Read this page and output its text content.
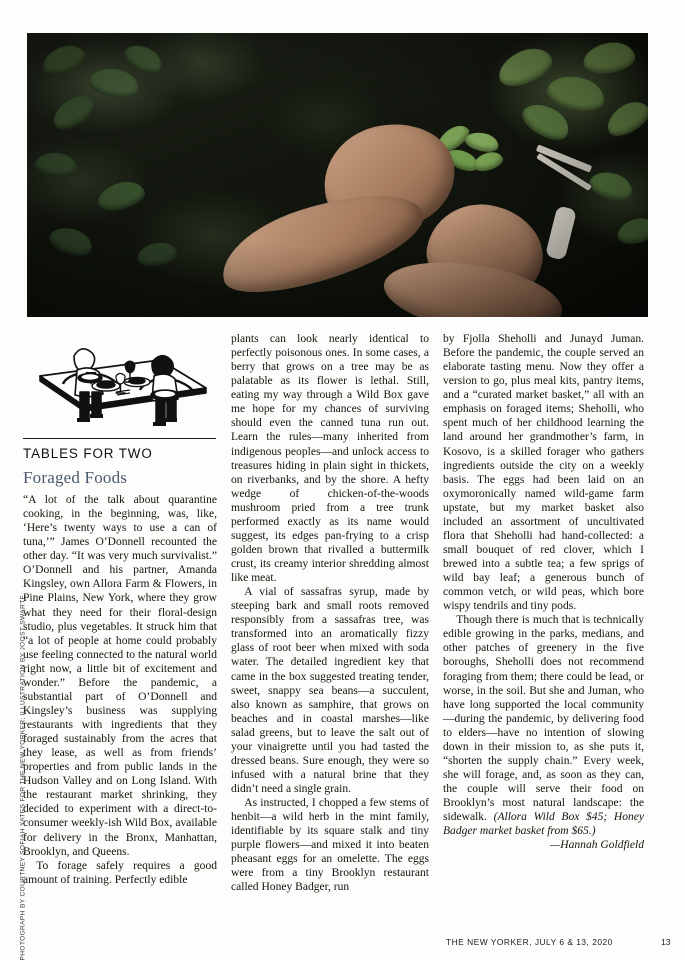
PHOTOGRAPH BY COURTNEY SOFIAH YATES FOR THE NEW YORKER; ILLUSTRATION BY JOOST SWARTE
TABLES FOR TWO
Foraged Foods

“A lot of the talk about quarantine cooking, in the beginning, was, like, ‘Here’s twenty ways to use a can of tuna,’” James O’Donnell recounted the other day. “It was very much survivalist.” O’Donnell and his partner, Amanda Kingsley, own Allora Farm & Flowers, in Pine Plains, New York, where they grow what they need for their floral-design studio, plus vegetables. It struck him that “a lot of people at home could probably use feeling connected to the natural world right now, a little bit of excitement and wonder.” Before the pandemic, a substantial part of O’Donnell and Kingsley’s business was supplying restaurants with ingredients that they foraged sustainably from the acres that they lease, as well as from friends’ properties and from public lands in the Hudson Valley and on Long Island. With the restaurant market shrinking, they decided to experiment with a direct-to-consumer weekly-ish Wild Box, available for delivery in the Bronx, Manhattan, Brooklyn, and Queens.

To forage safely requires a good amount of training. Perfectly edible

plants can look nearly identical to perfectly poisonous ones. In some cases, a berry that grows on a tree may be as palatable as its flower is lethal. Still, eating my way through a Wild Box gave me hope for my chances of surviving should even the canned tuna run out. Learn the rules—many inherited from indigenous peoples—and unlock access to treasures hiding in plain sight in thickets, on riverbanks, and by the shore. A hefty wedge of chicken-of-the-woods mushroom pried from a tree trunk performed exactly as its name would suggest, its edges pan-frying to a crisp golden brown that rivalled a buttermilk crust, its creamy interior shredding almost like meat.

A vial of sassafras syrup, made by steeping bark and small roots removed responsibly from a sassafras tree, was transformed into an aromatically fizzy glass of root beer when mixed with soda water. The detailed ingredient key that came in the box suggested treating tender, sweet, snappy sea beans—a succulent, also known as samphire, that grows on beaches and in coastal marshes—like salad greens, but to leave the salt out of your vinaigrette until you had tasted the dressed beans. Sure enough, they were so infused with a natural brine that they didn’t need a single grain.

As instructed, I chopped a few stems of henbit—a wild herb in the mint family, identifiable by its square stalk and tiny purple flowers—and mixed it into beaten pheasant eggs for an omelette. The eggs were from a tiny Brooklyn restaurant called Honey Badger, run

by Fjolla Sheholli and Junayd Juman. Before the pandemic, the couple served an elaborate tasting menu. Now they offer a version to go, plus meal kits, pantry items, and a “curated market basket,” all with an emphasis on foraged items; Sheholli, who spent much of her childhood learning the land around her grandmother’s farm, in Kosovo, is a skilled forager who gathers ingredients outside the city on a weekly basis. The eggs had been laid on an oxymoronically named wild-game farm upstate, but my market basket also included an assortment of uncultivated flora that Sheholli had hand-collected: a small bouquet of red clover, which I brewed into a subtle tea; a few sprigs of wild bay leaf; a generous bunch of common vetch, or wild peas, which bore wispy tendrils and tiny pods.

Though there is much that is technically edible growing in the parks, medians, and other patches of greenery in the five boroughs, Sheholli does not recommend foraging from them; there could be lead, or worse, in the soil. But she and Juman, who have long supported the local community—during the pandemic, by delivering food to elders—have no intention of slowing down in their mission to, as she puts it, “shorten the supply chain.” Every week, she will forage, and, as soon as they can, the couple will serve their food on Brooklyn’s most natural landscape: the sidewalk. (Allora Wild Box $45; Honey Badger market basket from $65.)

—Hannah Goldfield
THE NEW YORKER, JULY 6 & 13, 2020	13
